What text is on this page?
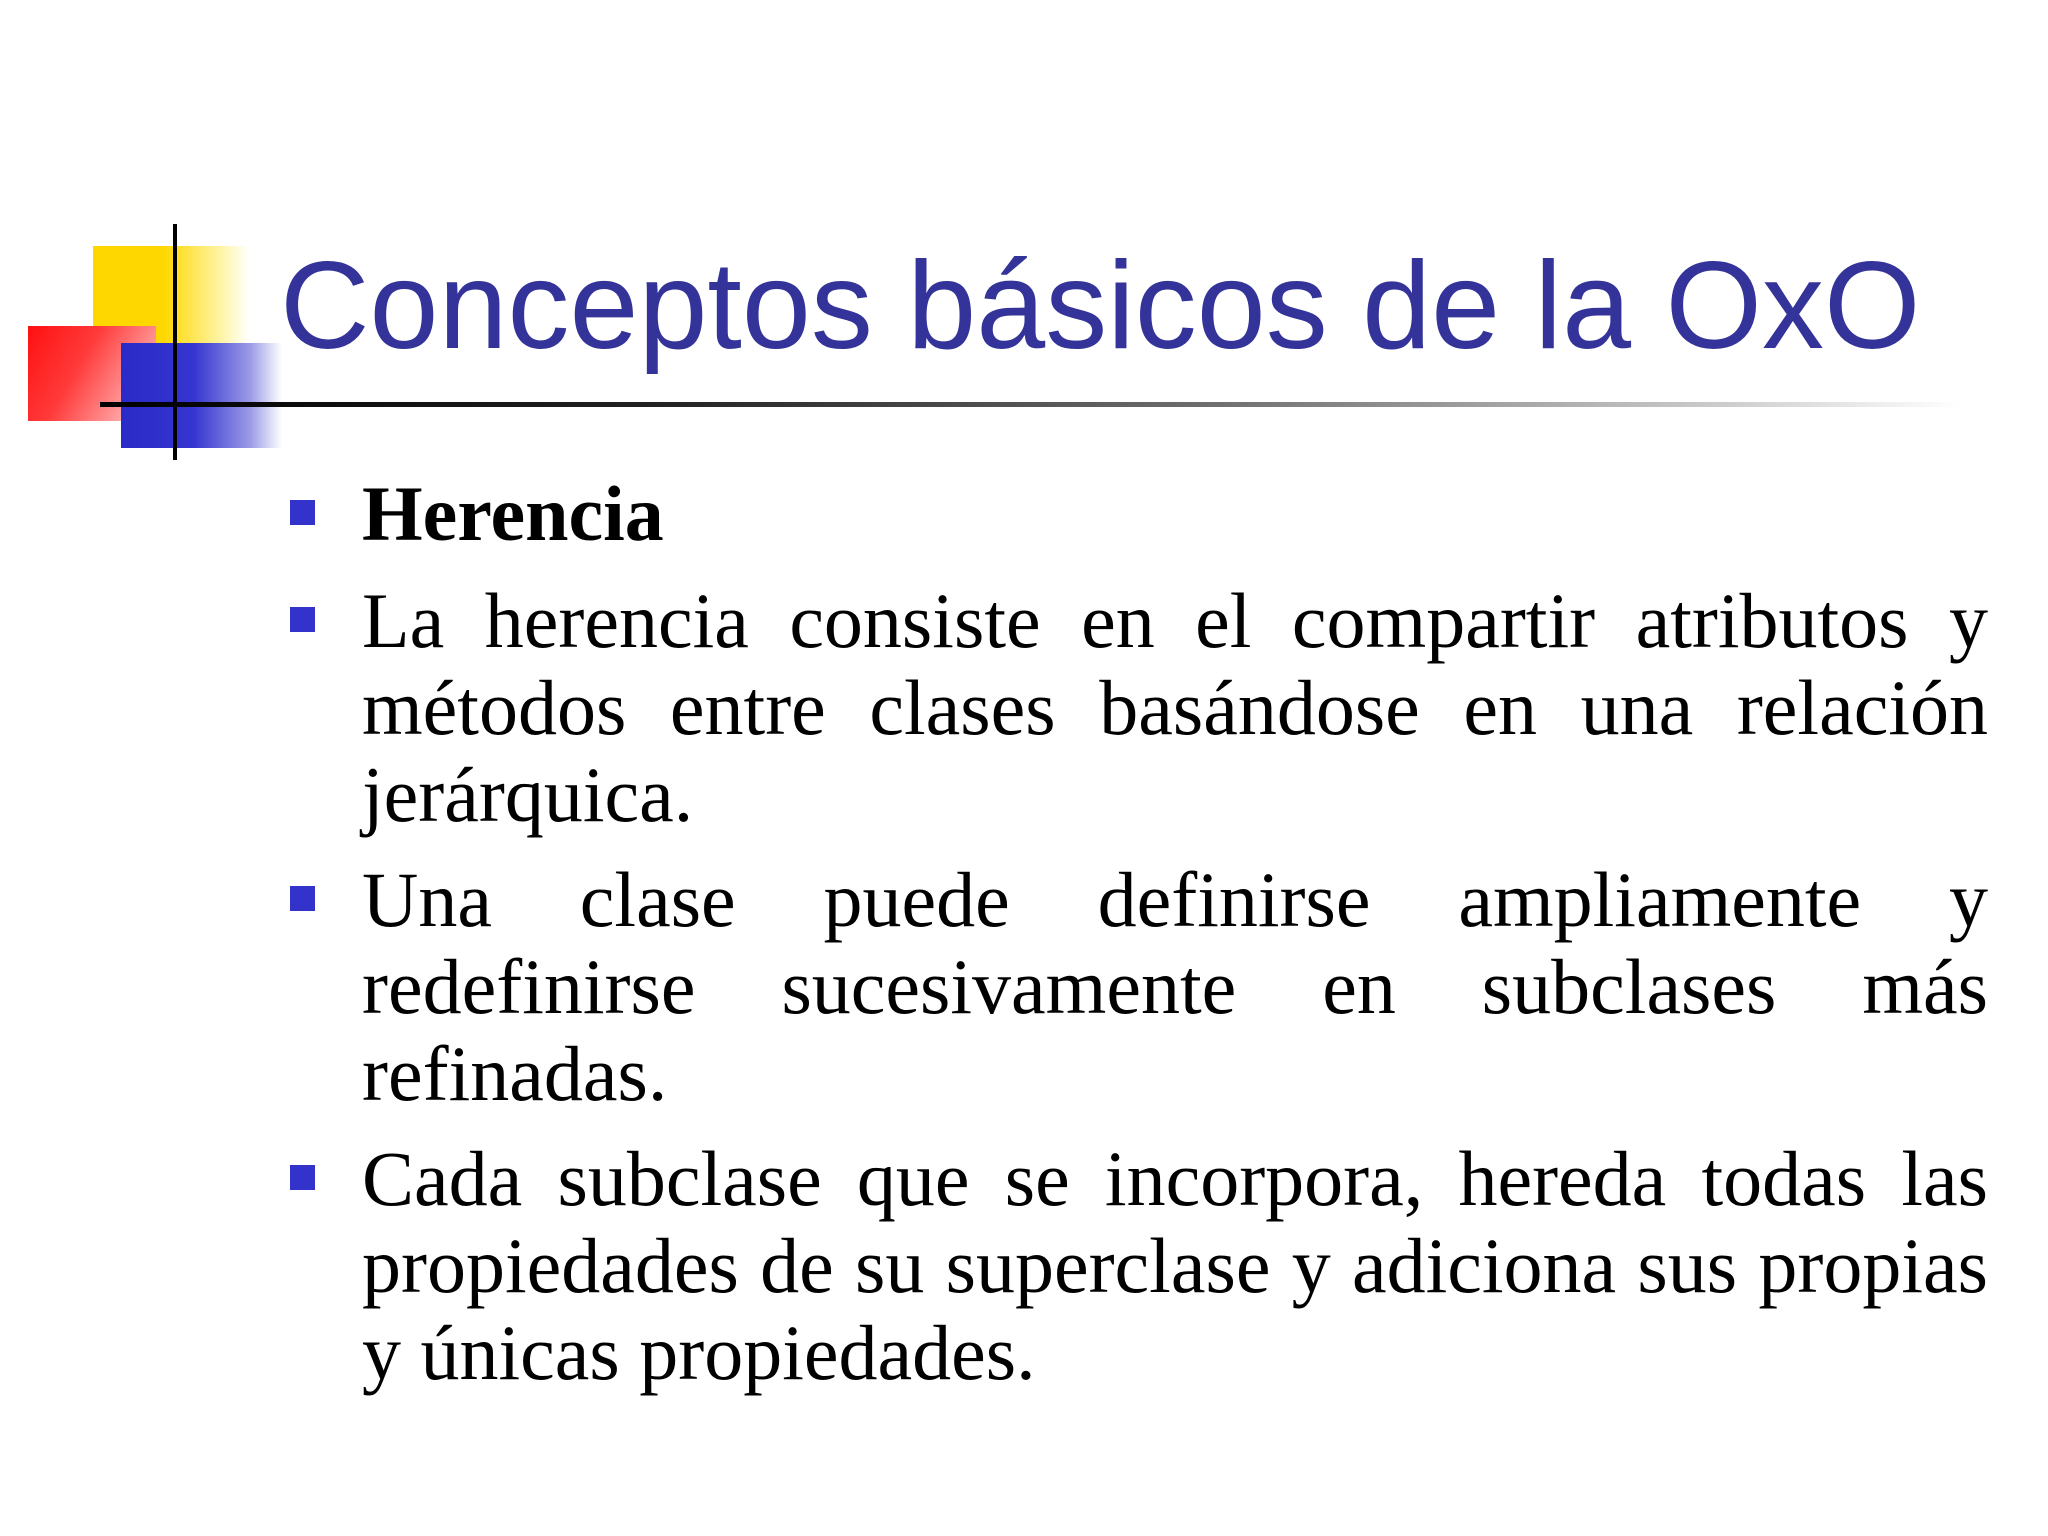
Conceptos básicos de la OxO
Herencia
La herencia consiste en el compartir atributos y métodos entre clases basándose en una relación jerárquica.
Una clase puede definirse ampliamente y redefinirse sucesivamente en subclases más refinadas.
Cada subclase que se incorpora, hereda todas las propiedades de su superclase y adiciona sus propias y únicas propiedades.
